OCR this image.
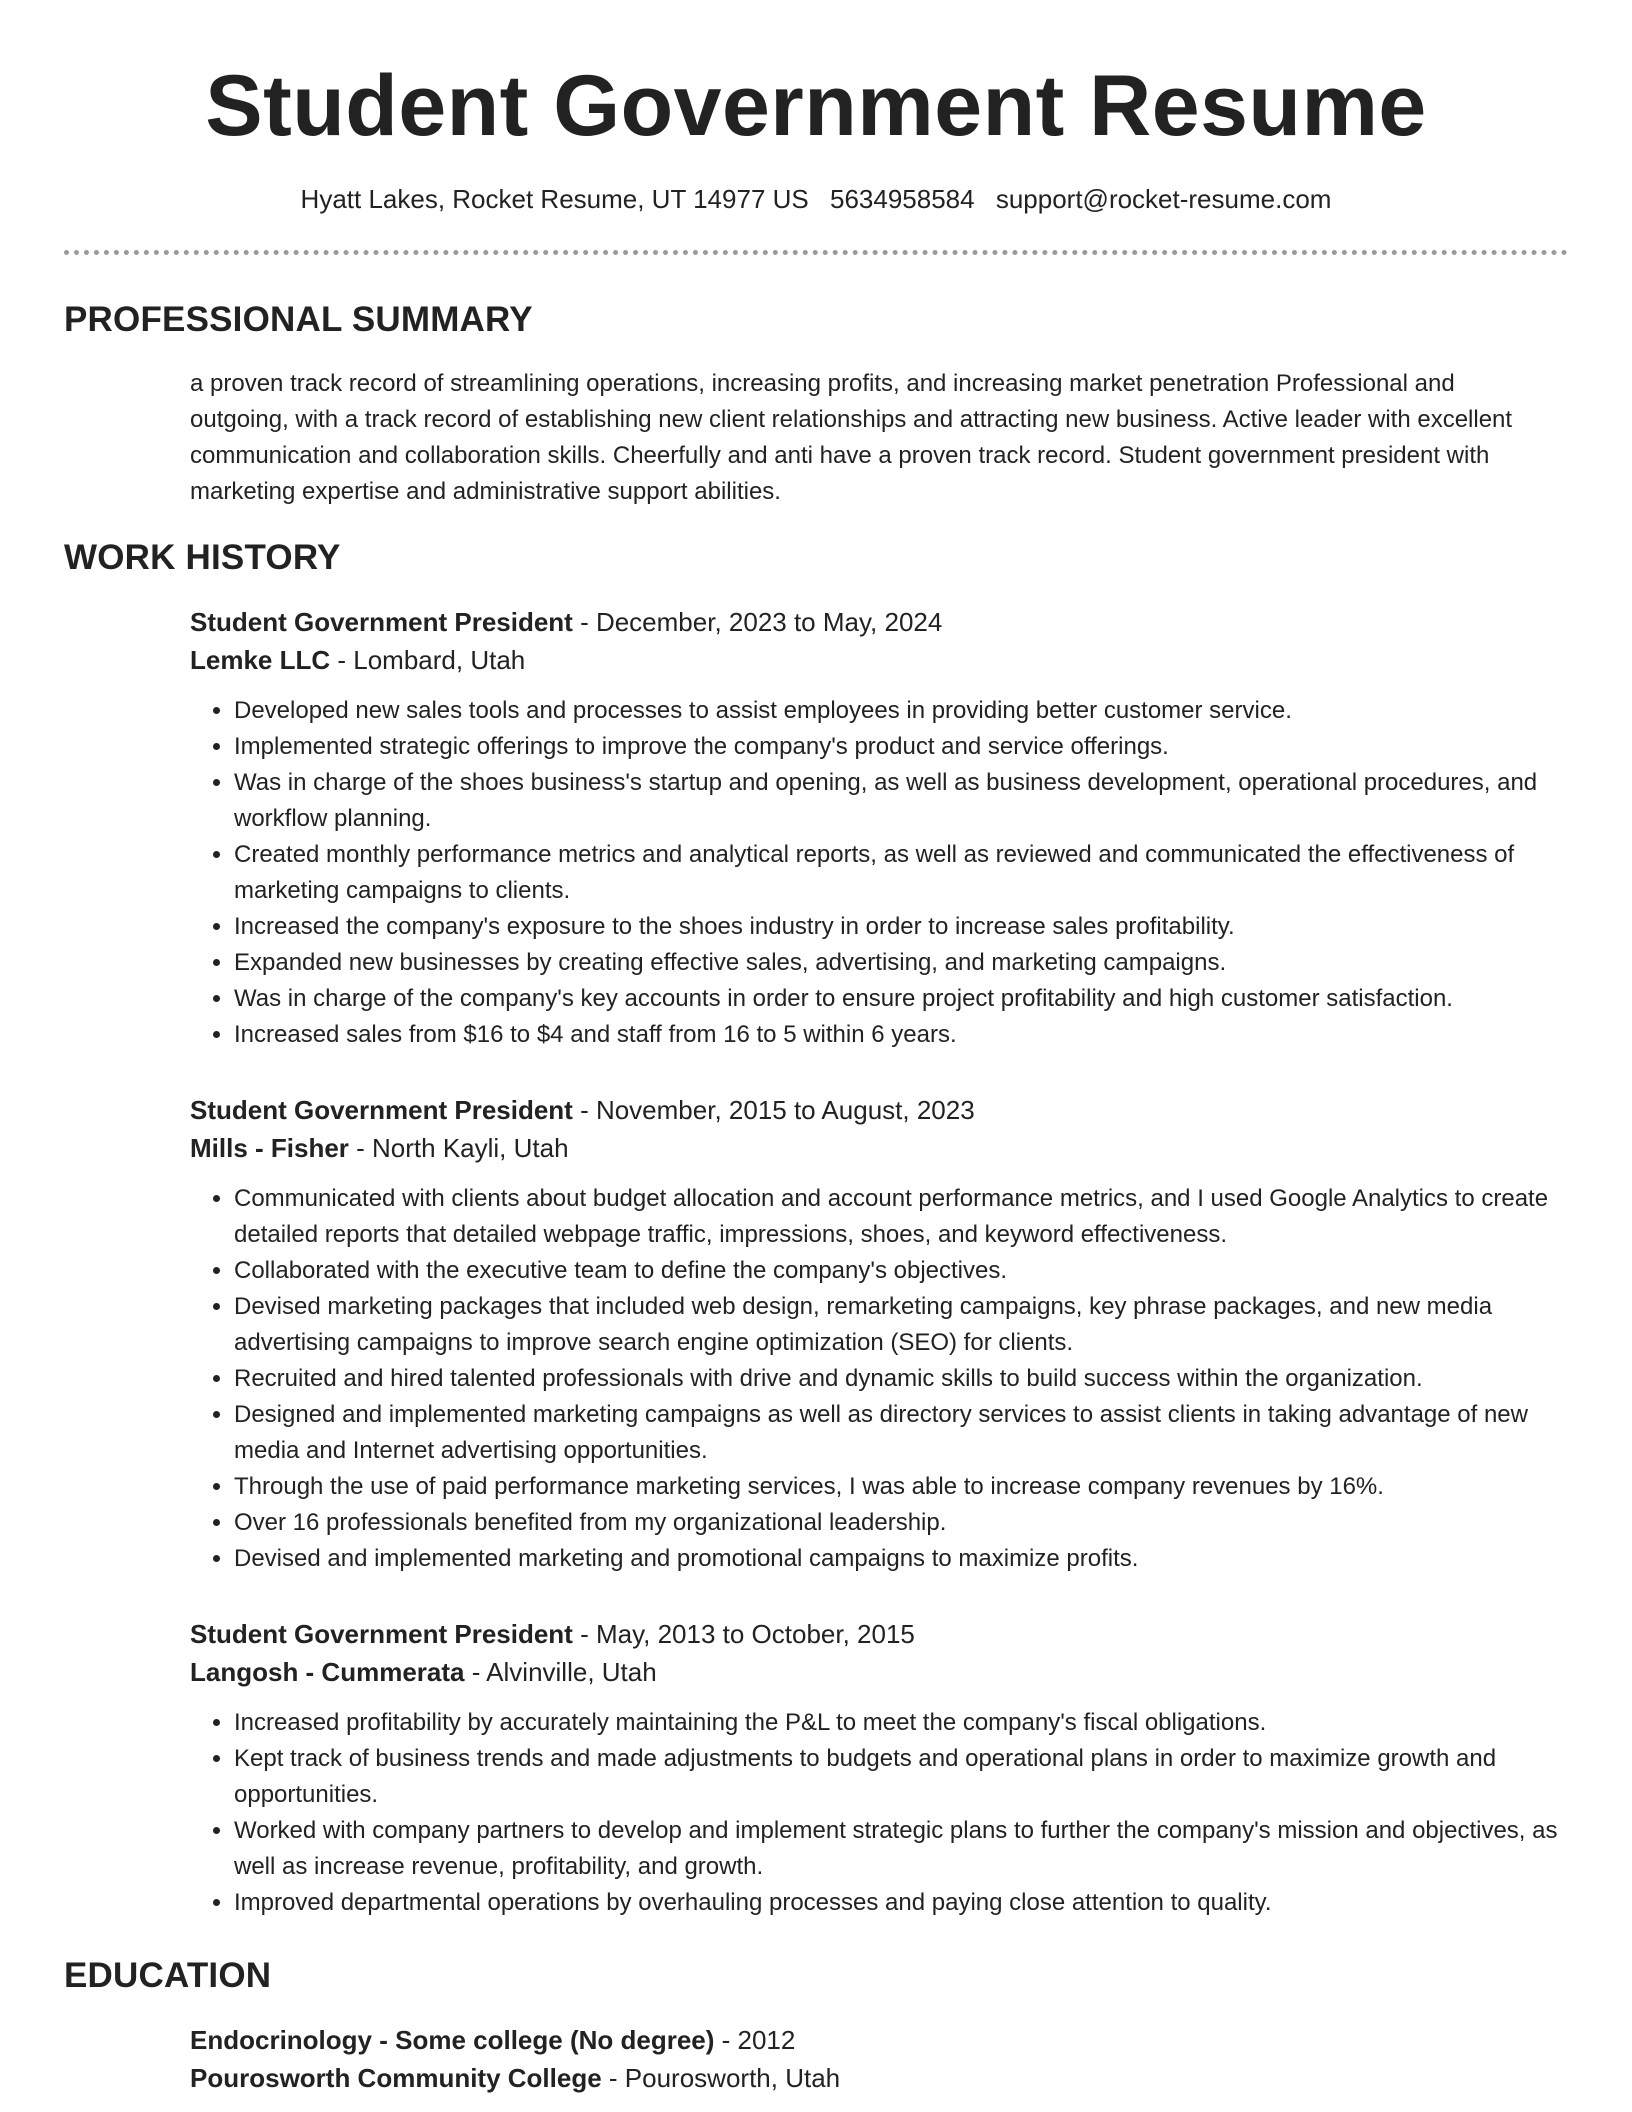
Student Government Resume
Hyatt Lakes, Rocket Resume, UT 14977 US 5634958584 support@rocket-resume.com
PROFESSIONAL SUMMARY

a proven track record of streamlining operations, increasing profits, and increasing market penetration Professional and outgoing, with a track record of establishing new client relationships and attracting new business. Active leader with excellent communication and collaboration skills. Cheerfully and anti have a proven track record. Student government president with marketing expertise and administrative support abilities.

WORK HISTORY

Student Government President - December, 2023 to May, 2024

Lemke LLC - Lombard, Utah

• Developed new sales tools and processes to assist employees in providing better customer service.
• Implemented strategic offerings to improve the company's product and service offerings.
• Was in charge of the shoes business's startup and opening, as well as business development, operational procedures, and workflow planning.
• Created monthly performance metrics and analytical reports, as well as reviewed and communicated the effectiveness of marketing campaigns to clients.
• Increased the company's exposure to the shoes industry in order to increase sales profitability.
• Expanded new businesses by creating effective sales, advertising, and marketing campaigns.
• Was in charge of the company's key accounts in order to ensure project profitability and high customer satisfaction.
• Increased sales from $16 to $4 and staff from 16 to 5 within 6 years.

Student Government President - November, 2015 to August, 2023

Mills - Fisher - North Kayli, Utah

• Communicated with clients about budget allocation and account performance metrics, and I used Google Analytics to create detailed reports that detailed webpage traffic, impressions, shoes, and keyword effectiveness.
• Collaborated with the executive team to define the company's objectives.
• Devised marketing packages that included web design, remarketing campaigns, key phrase packages, and new media advertising campaigns to improve search engine optimization (SEO) for clients.
• Recruited and hired talented professionals with drive and dynamic skills to build success within the organization.
• Designed and implemented marketing campaigns as well as directory services to assist clients in taking advantage of new media and Internet advertising opportunities.
• Through the use of paid performance marketing services, I was able to increase company revenues by 16%.
• Over 16 professionals benefited from my organizational leadership.
• Devised and implemented marketing and promotional campaigns to maximize profits.

Student Government President - May, 2013 to October, 2015

Langosh - Cummerata - Alvinville, Utah

• Increased profitability by accurately maintaining the P&L to meet the company's fiscal obligations.
• Kept track of business trends and made adjustments to budgets and operational plans in order to maximize growth and opportunities.
• Worked with company partners to develop and implement strategic plans to further the company's mission and objectives, as well as increase revenue, profitability, and growth.
• Improved departmental operations by overhauling processes and paying close attention to quality.
EDUCATION

Endocrinology - Some college (No degree) - 2012

Pourosworth Community College - Pourosworth, Utah
